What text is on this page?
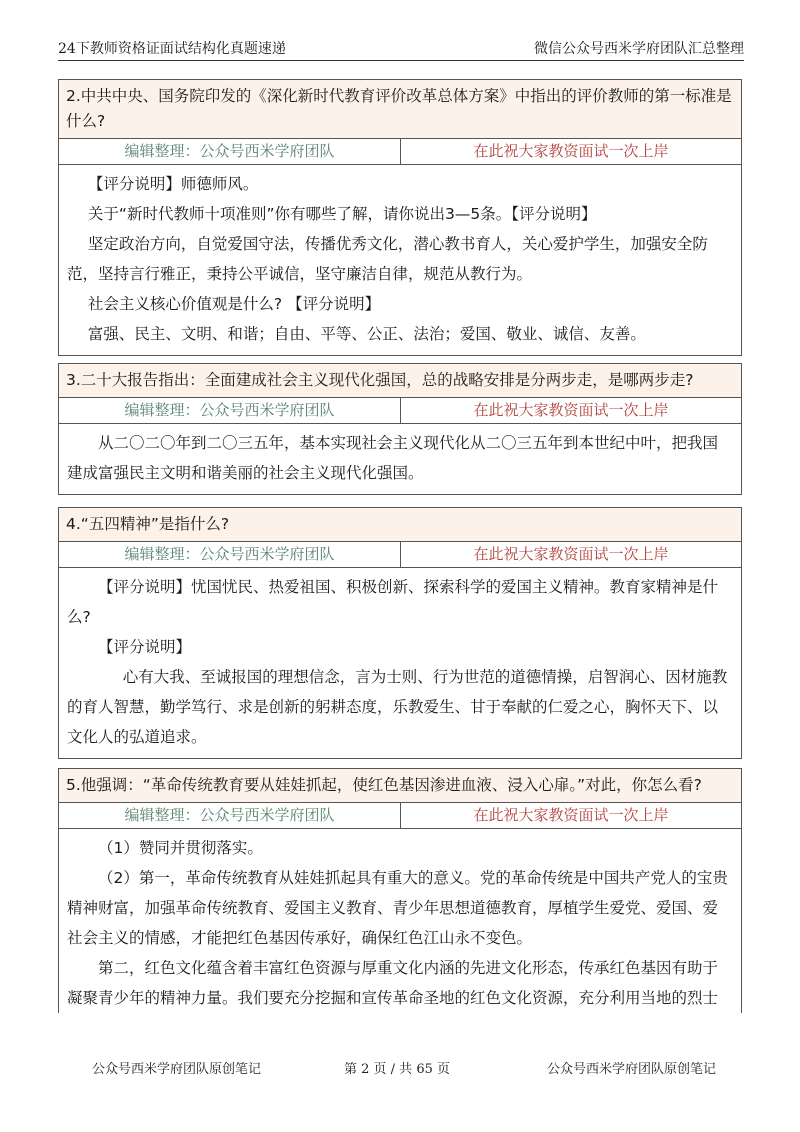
24下教师资格证面试结构化真题速递	微信公众号西米学府团队汇总整理
2.中共中央、国务院印发的《深化新时代教育评价改革总体方案》中指出的评价教师的第一标准是什么?
编辑整理：公众号西米学府团队	在此祝大家教资面试一次上岸

【评分说明】师德师风。

关于“新时代教师十项准则”你有哪些了解，请你说出3—5条。【评分说明】

坚定政治方向，自觉爱国守法，传播优秀文化，潜心教书育人，关心爱护学生，加强安全防范，坚持言行雅正，秉持公平诚信，坚守廉洁自律，规范从教行为。

社会主义核心价值观是什么? 【评分说明】

富强、民主、文明、和谐；自由、平等、公正、法治；爱国、敬业、诚信、友善。

3.二十大报告指出：全面建成社会主义现代化强国，总的战略安排是分两步走，是哪两步走?
编辑整理：公众号西米学府团队	在此祝大家教资面试一次上岸

从二〇二〇年到二〇三五年，基本实现社会主义现代化从二〇三五年到本世纪中叶，把我国建成富强民主文明和谐美丽的社会主义现代化强国。

4.“五四精神”是指什么?
编辑整理：公众号西米学府团队	在此祝大家教资面试一次上岸

【评分说明】忧国忧民、热爱祖国、积极创新、探索科学的爱国主义精神。教育家精神是什么?

【评分说明】

心有大我、至诚报国的理想信念，言为士则、行为世范的道德情操，启智润心、因材施教的育人智慧，勤学笃行、求是创新的躬耕态度，乐教爱生、甘于奉献的仁爱之心，胸怀天下、以文化人的弘道追求。

5.他强调：“革命传统教育要从娃娃抓起，使红色基因渗进血液、浸入心扉。”对此，你怎么看?
编辑整理：公众号西米学府团队	在此祝大家教资面试一次上岸

（1）赞同并贯彻落实。

（2）第一，革命传统教育从娃娃抓起具有重大的意义。党的革命传统是中国共产党人的宝贵精神财富，加强革命传统教育、爱国主义教育、青少年思想道德教育，厚植学生爱党、爱国、爱社会主义的情感，才能把红色基因传承好，确保红色江山永不变色。

第二，红色文化蕴含着丰富红色资源与厚重文化内涵的先进文化形态，传承红色基因有助于凝聚青少年的精神力量。我们要充分挖掘和宣传革命圣地的红色文化资源，充分利用当地的烈士

公众号西米学府团队原创笔记	第 2 页 / 共 65 页	公众号西米学府团队原创笔记
